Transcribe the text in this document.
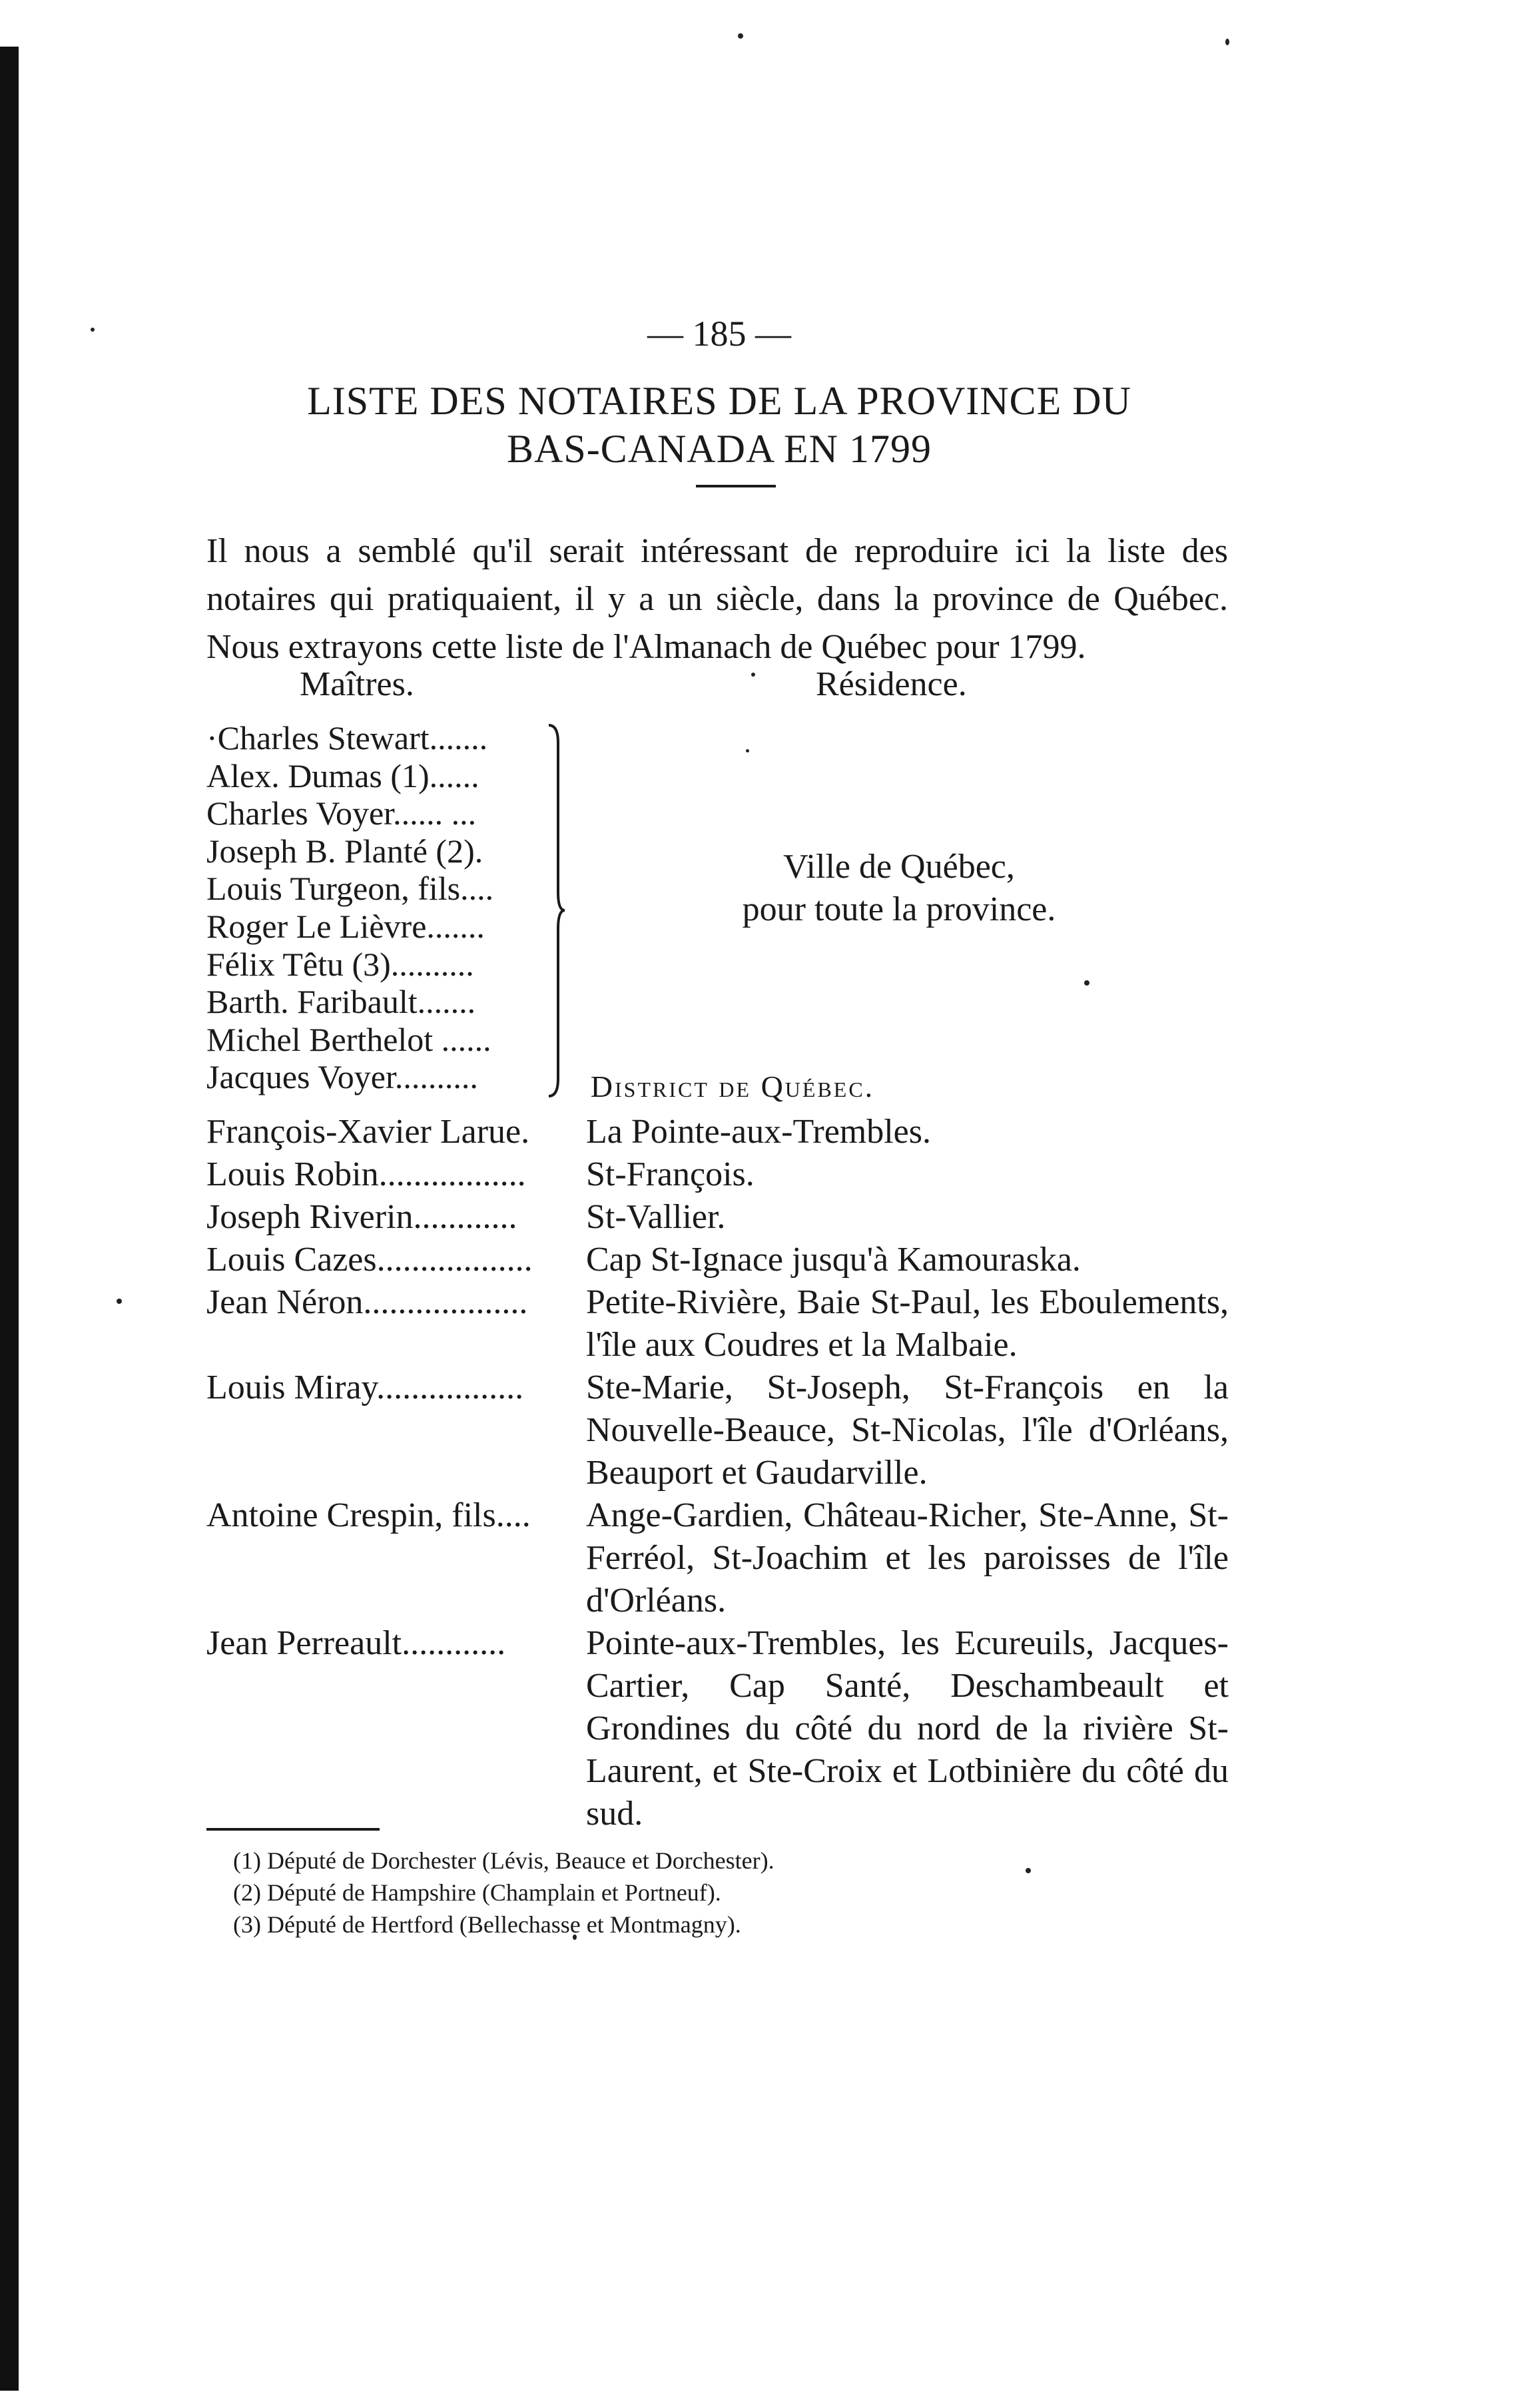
— 185 —
LISTE DES NOTAIRES DE LA PROVINCE DU
BAS-CANADA EN 1799

Il nous a semblé qu'il serait intéressant de reproduire ici la liste des notaires qui pratiquaient, il y a un siècle, dans la province de Québec. Nous extrayons cette liste de l'Almanach de Québec pour 1799.

Maîtres.	Résidence.
·Charles Stewart.......
Alex. Dumas (1)......
Charles Voyer...... ...
Joseph B. Planté (2).
Louis Turgeon, fils....
Roger Le Lièvre.......
Félix Têtu (3)..........
Barth. Faribault.......
Michel Berthelot ......
Jacques Voyer..........
Ville de Québec,
pour toute la province.
District de Québec.
François-Xavier Larue.	La Pointe-aux-Trembles.
Louis Robin.................	St-François.
Joseph Riverin............	St-Vallier.
Louis Cazes..................	Cap St-Ignace jusqu'à Kamouraska.
Jean Néron...................	Petite-Rivière, Baie St-Paul, les Eboulements, l'île aux Coudres et la Malbaie.
Louis Miray.................	Ste-Marie, St-Joseph, St-François en la Nouvelle-Beauce, St-Nicolas, l'île d'Orléans, Beauport et Gaudarville.
Antoine Crespin, fils....	Ange-Gardien, Château-Richer, Ste-Anne, St-Ferréol, St-Joachim et les paroisses de l'île d'Orléans.
Jean Perreault............	Pointe-aux-Trembles, les Ecureuils, Jacques-Cartier, Cap Santé, Deschambeault et Grondines du côté du nord de la rivière St-Laurent, et Ste-Croix et Lotbinière du côté du sud.
(1) Député de Dorchester (Lévis, Beauce et Dorchester).
(2) Député de Hampshire (Champlain et Portneuf).
(3) Député de Hertford (Bellechasse et Montmagny).
